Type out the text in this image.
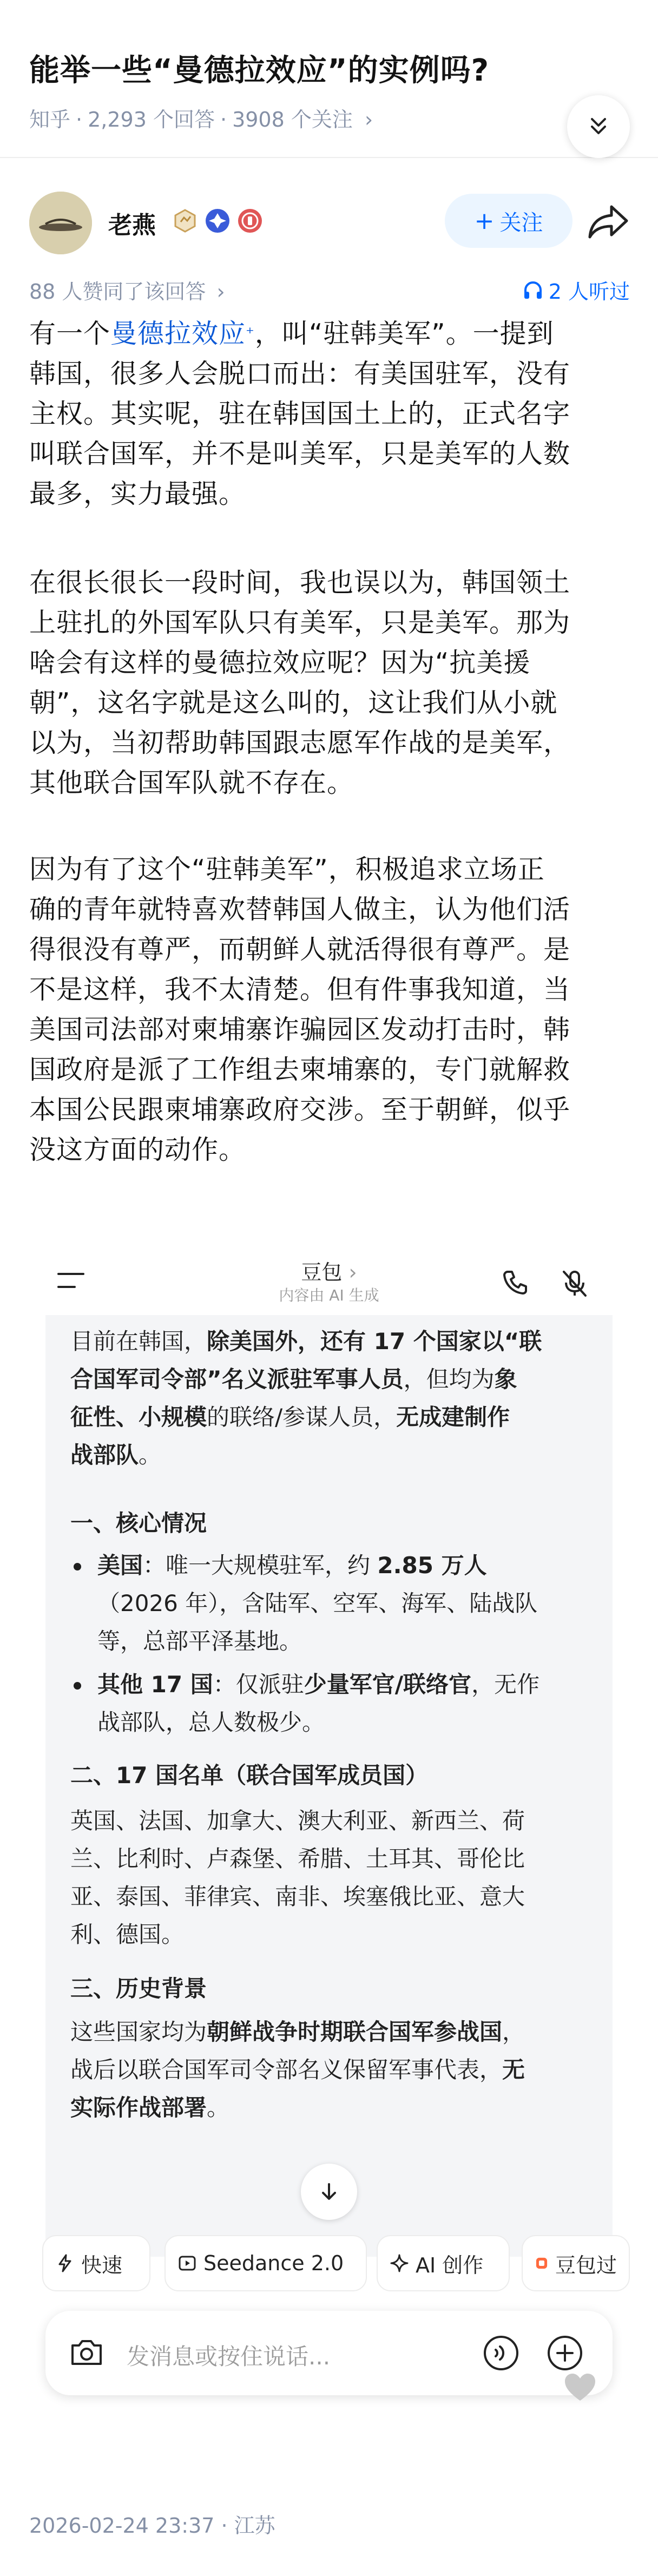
能举一些“曼德拉效应”的实例吗?
知乎 · 2,293 个回答 · 3908 个关注 ›
老燕	+ 关注
88 人赞同了该回答 ›	2 人听过
有一个曼德拉效应⁺，叫“驻韩美军”。一提到
韩国，很多人会脱口而出：有美国驻军，没有
主权。其实呢，驻在韩国国土上的，正式名字
叫联合国军，并不是叫美军，只是美军的人数
最多，实力最强。
在很长很长一段时间，我也误以为，韩国领土
上驻扎的外国军队只有美军，只是美军。那为
啥会有这样的曼德拉效应呢？因为“抗美援
朝”，这名字就是这么叫的，这让我们从小就
以为，当初帮助韩国跟志愿军作战的是美军，
其他联合国军队就不存在。
因为有了这个“驻韩美军”，积极追求立场正
确的青年就特喜欢替韩国人做主，认为他们活
得很没有尊严，而朝鲜人就活得很有尊严。是
不是这样，我不太清楚。但有件事我知道，当
美国司法部对柬埔寨诈骗园区发动打击时，韩
国政府是派了工作组去柬埔寨的，专门就解救
本国公民跟柬埔寨政府交涉。至于朝鲜，似乎
没这方面的动作。
豆包 ›
内容由 AI 生成
目前在韩国，除美国外，还有 17 个国家以“联
合国军司令部”名义派驻军事人员，但均为象
征性、小规模的联络/参谋人员，无成建制作
战部队。
一、核心情况
美国：唯一大规模驻军，约 2.85 万人
（2026 年），含陆军、空军、海军、陆战队
等，总部平泽基地。
其他 17 国：仅派驻少量军官/联络官，无作
战部队，总人数极少。
二、17 国名单（联合国军成员国）
英国、法国、加拿大、澳大利亚、新西兰、荷
兰、比利时、卢森堡、希腊、土耳其、哥伦比
亚、泰国、菲律宾、南非、埃塞俄比亚、意大
利、德国。
三、历史背景
这些国家均为朝鲜战争时期联合国军参战国，
战后以联合国军司令部名义保留军事代表，无
实际作战部署。
快速	Seedance 2.0	AI 创作	豆包过
发消息或按住说话...
2026-02-24 23:37 · 江苏
